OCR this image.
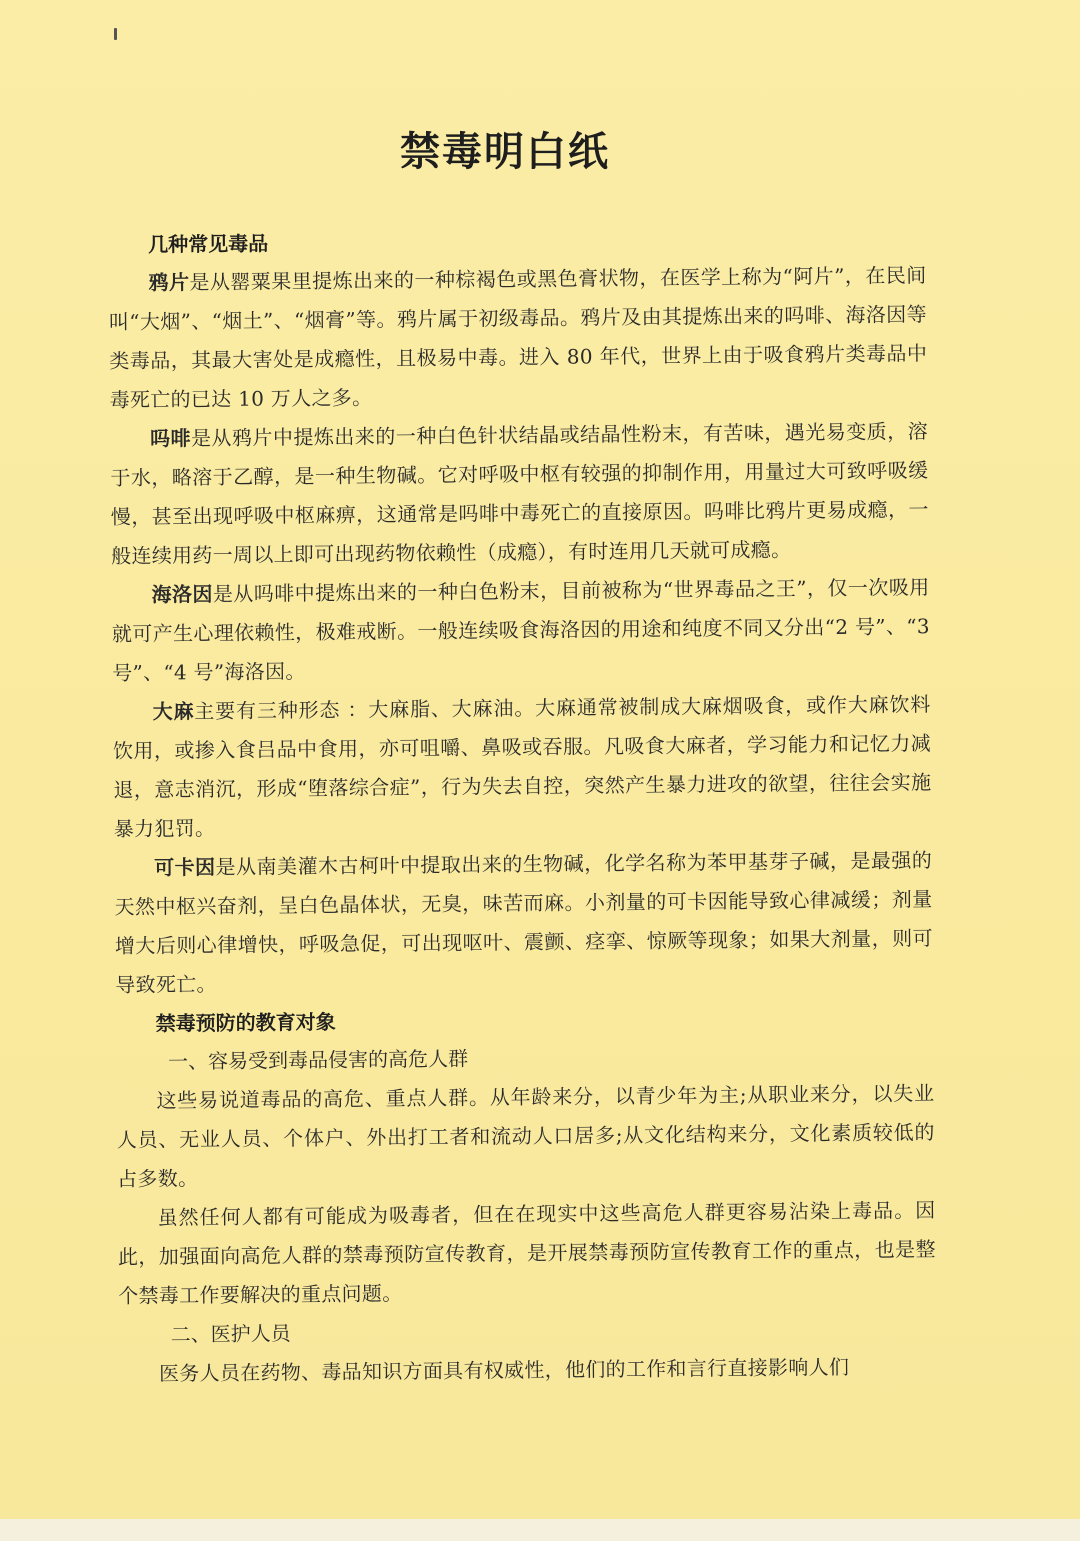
禁毒明白纸

几种常见毒品

鸦片是从罂粟果里提炼出来的一种棕褐色或黑色膏状物，在医学上称为“阿片”，在民间叫“大烟”、“烟土”、“烟膏”等。鸦片属于初级毒品。鸦片及由其提炼出来的吗啡、海洛因等类毒品，其最大害处是成瘾性，且极易中毒。进入 80 年代，世界上由于吸食鸦片类毒品中毒死亡的已达 10 万人之多。

吗啡是从鸦片中提炼出来的一种白色针状结晶或结晶性粉末，有苦味，遇光易变质，溶于水，略溶于乙醇，是一种生物碱。它对呼吸中枢有较强的抑制作用，用量过大可致呼吸缓慢，甚至出现呼吸中枢麻痹，这通常是吗啡中毒死亡的直接原因。吗啡比鸦片更易成瘾，一般连续用药一周以上即可出现药物依赖性（成瘾），有时连用几天就可成瘾。

海洛因是从吗啡中提炼出来的一种白色粉末，目前被称为“世界毒品之王”，仅一次吸用就可产生心理依赖性，极难戒断。一般连续吸食海洛因的用途和纯度不同又分出“2 号”、“3 号”、“4 号”海洛因。

大麻主要有三种形态 ：大麻脂、大麻油。大麻通常被制成大麻烟吸食，或作大麻饮料饮用，或掺入食吕品中食用，亦可咀嚼、鼻吸或吞服。凡吸食大麻者，学习能力和记忆力减退，意志消沉，形成“堕落综合症”，行为失去自控，突然产生暴力进攻的欲望，往往会实施暴力犯罚。

可卡因是从南美灌木古柯叶中提取出来的生物碱，化学名称为苯甲基芽子碱，是最强的天然中枢兴奋剂，呈白色晶体状，无臭，味苦而麻。小剂量的可卡因能导致心律减缓；剂量增大后则心律增快，呼吸急促，可出现呕叶、震颤、痉挛、惊厥等现象；如果大剂量，则可导致死亡。

禁毒预防的教育对象

一、容易受到毒品侵害的高危人群

这些易说道毒品的高危、重点人群。从年龄来分，以青少年为主;从职业来分，以失业人员、无业人员、个体户、外出打工者和流动人口居多;从文化结构来分，文化素质较低的占多数。

虽然任何人都有可能成为吸毒者，但在在现实中这些高危人群更容易沾染上毒品。因此，加强面向高危人群的禁毒预防宣传教育，是开展禁毒预防宣传教育工作的重点，也是整个禁毒工作要解决的重点问题。

二、医护人员

医务人员在药物、毒品知识方面具有权威性，他们的工作和言行直接影响人们
